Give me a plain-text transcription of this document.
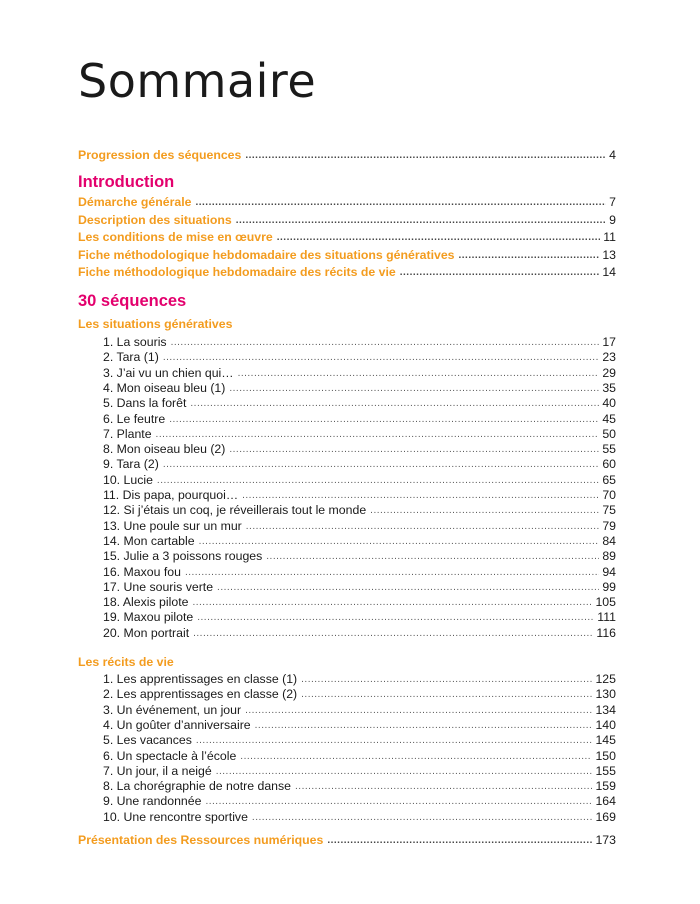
Sommaire
Progression des séquences .....	4
Introduction
Démarche générale .....	7
Description des situations .....	9
Les conditions de mise en œuvre .....	11
Fiche méthodologique hebdomadaire des situations génératives .....	13
Fiche méthodologique hebdomadaire des récits de vie .....	14
30 séquences
Les situations génératives
1. La souris .....	17
2. Tara (1) .....	23
3. J’ai vu un chien qui… .....	29
4. Mon oiseau bleu (1) .....	35
5. Dans la forêt .....	40
6. Le feutre .....	45
7. Plante .....	50
8. Mon oiseau bleu (2) .....	55
9. Tara (2) .....	60
10. Lucie .....	65
11. Dis papa, pourquoi… .....	70
12. Si j’étais un coq, je réveillerais tout le monde .....	75
13. Une poule sur un mur .....	79
14. Mon cartable .....	84
15. Julie a 3 poissons rouges .....	89
16. Maxou fou .....	94
17. Une souris verte .....	99
18. Alexis pilote .....	105
19. Maxou pilote .....	111
20. Mon portrait .....	116
Les récits de vie
1. Les apprentissages en classe (1) .....	125
2. Les apprentissages en classe (2) .....	130
3. Un événement, un jour .....	134
4. Un goûter d’anniversaire .....	140
5. Les vacances .....	145
6. Un spectacle à l’école .....	150
7. Un jour, il a neigé .....	155
8. La chorégraphie de notre danse .....	159
9. Une randonnée .....	164
10. Une rencontre sportive .....	169
Présentation des Ressources numériques .....	173
